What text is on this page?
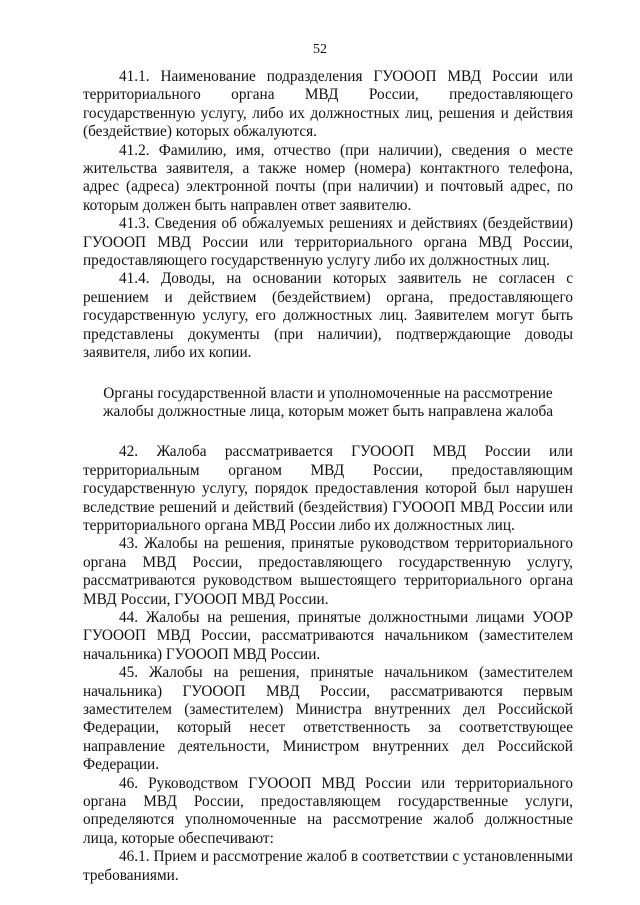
52

41.1. Наименование подразделения ГУОООП МВД России или территориального органа МВД России, предоставляющего государственную услугу, либо их должностных лиц, решения и действия (бездействие) которых обжалуются.

41.2. Фамилию, имя, отчество (при наличии), сведения о месте жительства заявителя, а также номер (номера) контактного телефона, адрес (адреса) электронной почты (при наличии) и почтовый адрес, по которым должен быть направлен ответ заявителю.

41.3. Сведения об обжалуемых решениях и действиях (бездействии) ГУОООП МВД России или территориального органа МВД России, предоставляющего государственную услугу либо их должностных лиц.

41.4. Доводы, на основании которых заявитель не согласен с решением и действием (бездействием) органа, предоставляющего государственную услугу, его должностных лиц. Заявителем могут быть представлены документы (при наличии), подтверждающие доводы заявителя, либо их копии.

Органы государственной власти и уполномоченные на рассмотрение жалобы должностные лица, которым может быть направлена жалоба

42. Жалоба рассматривается ГУОООП МВД России или территориальным органом МВД России, предоставляющим государственную услугу, порядок предоставления которой был нарушен вследствие решений и действий (бездействия) ГУОООП МВД России или территориального органа МВД России либо их должностных лиц.

43. Жалобы на решения, принятые руководством территориального органа МВД России, предоставляющего государственную услугу, рассматриваются руководством вышестоящего территориального органа МВД России, ГУОООП МВД России.

44. Жалобы на решения, принятые должностными лицами УООР ГУОООП МВД России, рассматриваются начальником (заместителем начальника) ГУОООП МВД России.

45. Жалобы на решения, принятые начальником (заместителем начальника) ГУОООП МВД России, рассматриваются первым заместителем (заместителем) Министра внутренних дел Российской Федерации, который несет ответственность за соответствующее направление деятельности, Министром внутренних дел Российской Федерации.

46. Руководством ГУОООП МВД России или территориального органа МВД России, предоставляющем государственные услуги, определяются уполномоченные на рассмотрение жалоб должностные лица, которые обеспечивают:

46.1. Прием и рассмотрение жалоб в соответствии с установленными требованиями.
